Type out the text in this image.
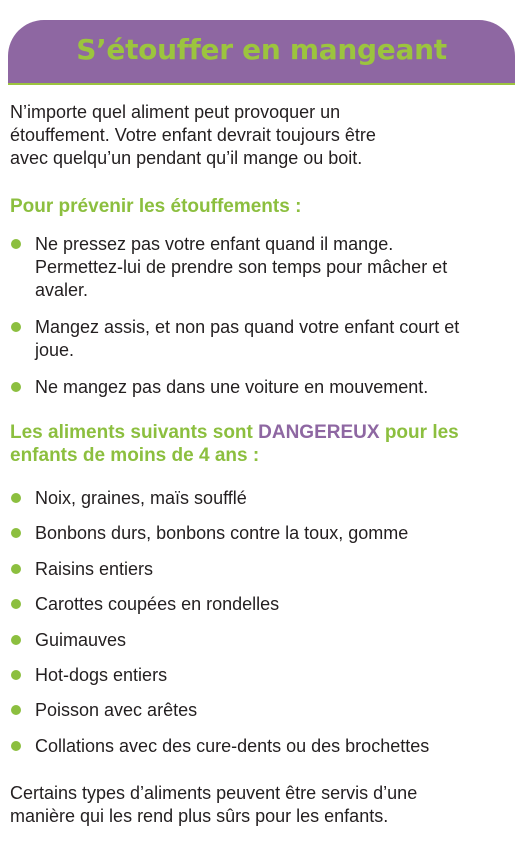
S’étouffer en mangeant

N’importe quel aliment peut provoquer un
étouffement. Votre enfant devrait toujours être
avec quelqu’un pendant qu’il mange ou boit.

Pour prévenir les étouffements :

Ne pressez pas votre enfant quand il mange.
Permettez-lui de prendre son temps pour mâcher et
avaler.
Mangez assis, et non pas quand votre enfant court et
joue.
Ne mangez pas dans une voiture en mouvement.

Les aliments suivants sont DANGEREUX pour les
enfants de moins de 4 ans :

Noix, graines, maïs soufflé
Bonbons durs, bonbons contre la toux, gomme
Raisins entiers
Carottes coupées en rondelles
Guimauves
Hot-dogs entiers
Poisson avec arêtes
Collations avec des cure-dents ou des brochettes

Certains types d’aliments peuvent être servis d’une
manière qui les rend plus sûrs pour les enfants.
